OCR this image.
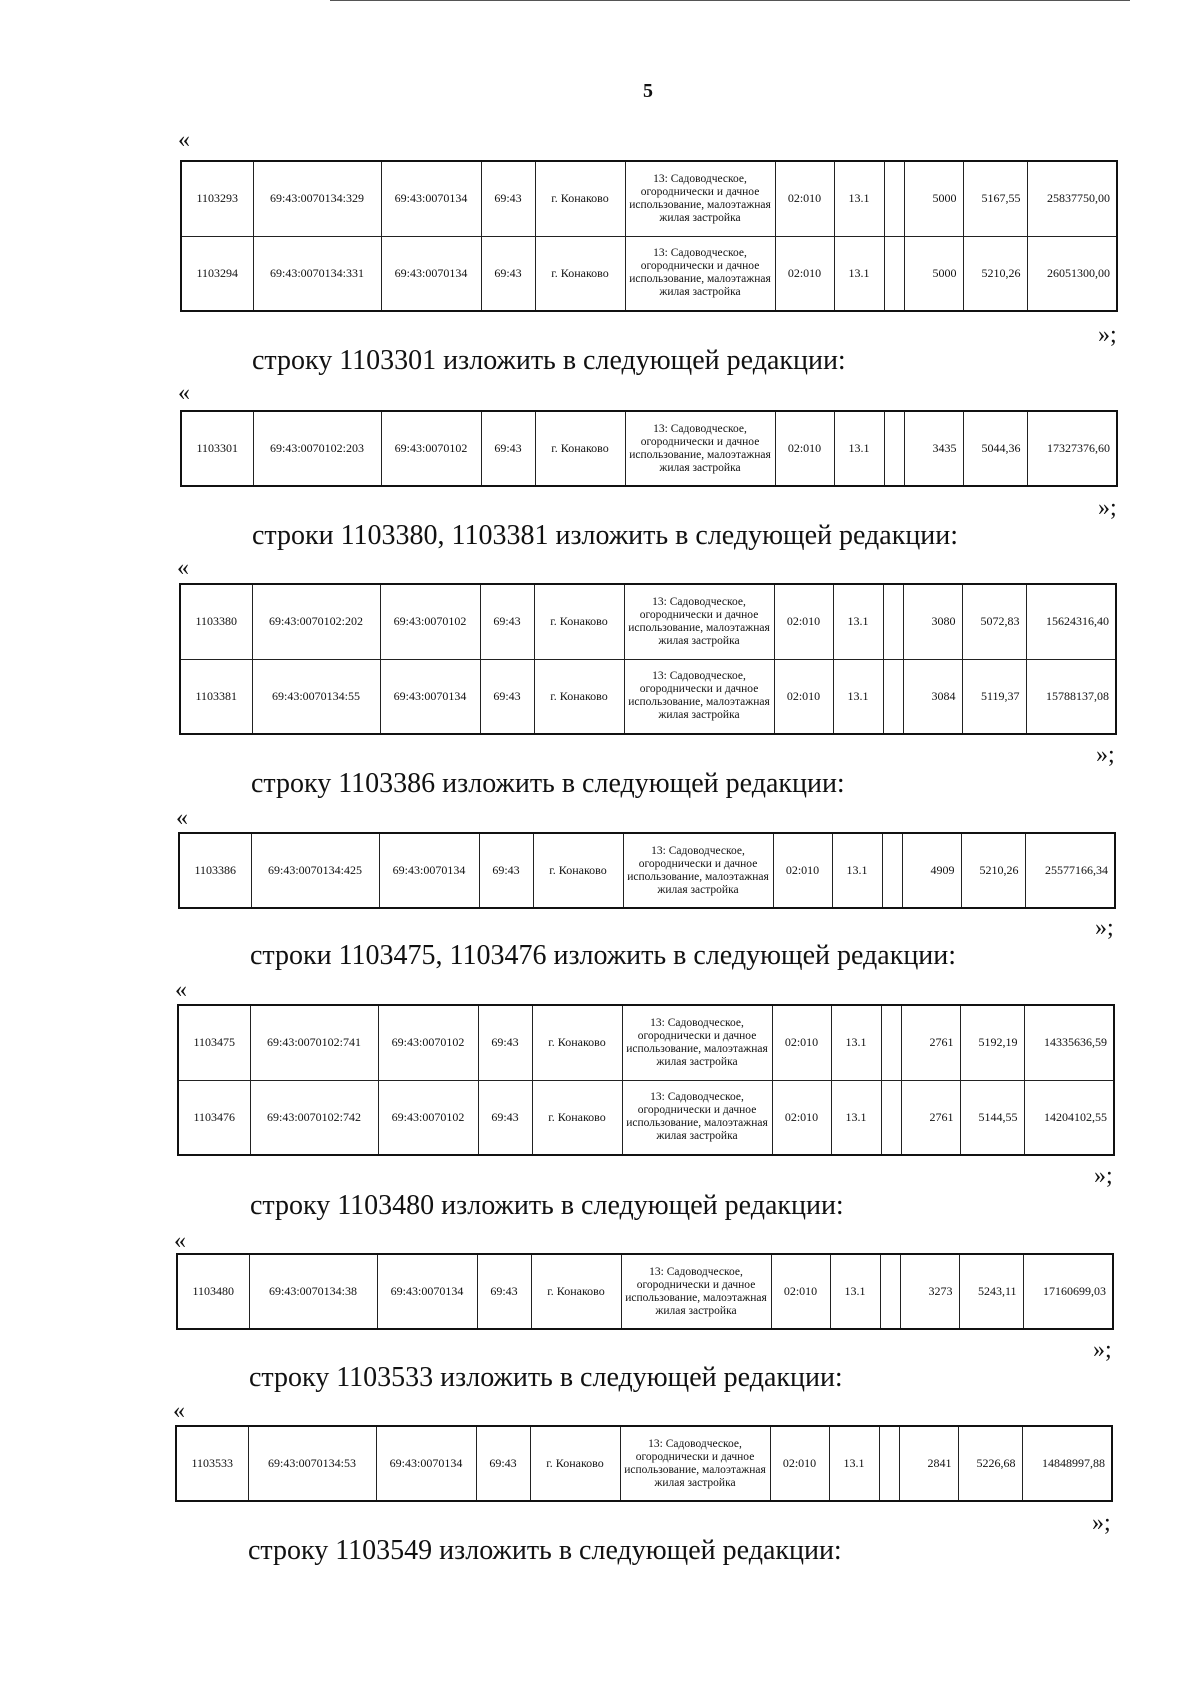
5
«
1103293	69:43:0070134:329	69:43:0070134	69:43	г. Конаково	13: Садоводческое, огороднически и дачное использование, малоэтажная жилая застройка	02:010	13.1		5000	5167,55	25837750,00
1103294	69:43:0070134:331	69:43:0070134	69:43	г. Конаково	13: Садоводческое, огороднически и дачное использование, малоэтажная жилая застройка	02:010	13.1		5000	5210,26	26051300,00
»;
строку 1103301 изложить в следующей редакции:
«
1103301	69:43:0070102:203	69:43:0070102	69:43	г. Конаково	13: Садоводческое, огороднически и дачное использование, малоэтажная жилая застройка	02:010	13.1		3435	5044,36	17327376,60
»;
строки 1103380, 1103381 изложить в следующей редакции:
«
1103380	69:43:0070102:202	69:43:0070102	69:43	г. Конаково	13: Садоводческое, огороднически и дачное использование, малоэтажная жилая застройка	02:010	13.1		3080	5072,83	15624316,40
1103381	69:43:0070134:55	69:43:0070134	69:43	г. Конаково	13: Садоводческое, огороднически и дачное использование, малоэтажная жилая застройка	02:010	13.1		3084	5119,37	15788137,08
»;
строку 1103386 изложить в следующей редакции:
«
1103386	69:43:0070134:425	69:43:0070134	69:43	г. Конаково	13: Садоводческое, огороднически и дачное использование, малоэтажная жилая застройка	02:010	13.1		4909	5210,26	25577166,34
»;
строки 1103475, 1103476 изложить в следующей редакции:
«
1103475	69:43:0070102:741	69:43:0070102	69:43	г. Конаково	13: Садоводческое, огороднически и дачное использование, малоэтажная жилая застройка	02:010	13.1		2761	5192,19	14335636,59
1103476	69:43:0070102:742	69:43:0070102	69:43	г. Конаково	13: Садоводческое, огороднически и дачное использование, малоэтажная жилая застройка	02:010	13.1		2761	5144,55	14204102,55
»;
строку 1103480 изложить в следующей редакции:
«
1103480	69:43:0070134:38	69:43:0070134	69:43	г. Конаково	13: Садоводческое, огороднически и дачное использование, малоэтажная жилая застройка	02:010	13.1		3273	5243,11	17160699,03
»;
строку 1103533 изложить в следующей редакции:
«
1103533	69:43:0070134:53	69:43:0070134	69:43	г. Конаково	13: Садоводческое, огороднически и дачное использование, малоэтажная жилая застройка	02:010	13.1		2841	5226,68	14848997,88
»;
строку 1103549 изложить в следующей редакции:
